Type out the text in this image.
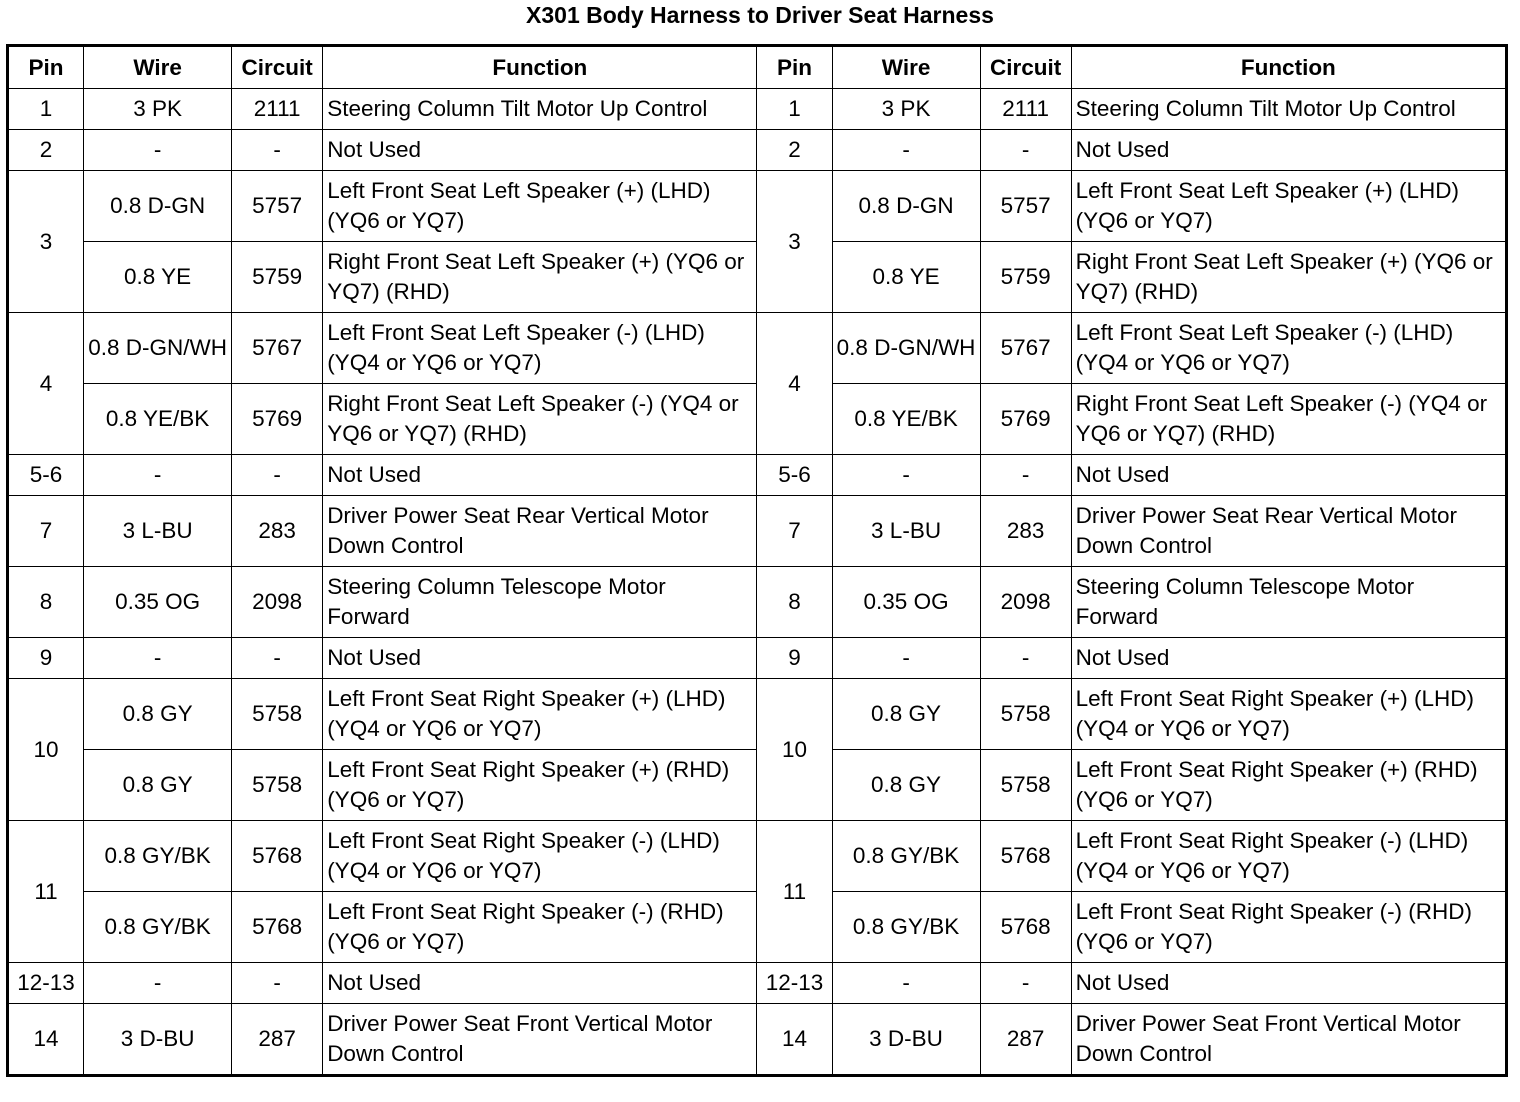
X301 Body Harness to Driver Seat Harness
Pin	Wire	Circuit	Function	Pin	Wire	Circuit	Function
1	3 PK	2111	Steering Column Tilt Motor Up Control	1	3 PK	2111	Steering Column Tilt Motor Up Control
2	-	-	Not Used	2	-	-	Not Used
3	0.8 D-GN	5757	Left Front Seat Left Speaker (+) (LHD) (YQ6 or YQ7)	3	0.8 D-GN	5757	Left Front Seat Left Speaker (+) (LHD) (YQ6 or YQ7)
	0.8 YE	5759	Right Front Seat Left Speaker (+) (YQ6 or YQ7) (RHD)		0.8 YE	5759	Right Front Seat Left Speaker (+) (YQ6 or YQ7) (RHD)
4	0.8 D-GN/WH	5767	Left Front Seat Left Speaker (-) (LHD) (YQ4 or YQ6 or YQ7)	4	0.8 D-GN/WH	5767	Left Front Seat Left Speaker (-) (LHD) (YQ4 or YQ6 or YQ7)
	0.8 YE/BK	5769	Right Front Seat Left Speaker (-) (YQ4 or YQ6 or YQ7) (RHD)		0.8 YE/BK	5769	Right Front Seat Left Speaker (-) (YQ4 or YQ6 or YQ7) (RHD)
5-6	-	-	Not Used	5-6	-	-	Not Used
7	3 L-BU	283	Driver Power Seat Rear Vertical Motor Down Control	7	3 L-BU	283	Driver Power Seat Rear Vertical Motor Down Control
8	0.35 OG	2098	Steering Column Telescope Motor Forward	8	0.35 OG	2098	Steering Column Telescope Motor Forward
9	-	-	Not Used	9	-	-	Not Used
10	0.8 GY	5758	Left Front Seat Right Speaker (+) (LHD) (YQ4 or YQ6 or YQ7)	10	0.8 GY	5758	Left Front Seat Right Speaker (+) (LHD) (YQ4 or YQ6 or YQ7)
	0.8 GY	5758	Left Front Seat Right Speaker (+) (RHD) (YQ6 or YQ7)		0.8 GY	5758	Left Front Seat Right Speaker (+) (RHD) (YQ6 or YQ7)
11	0.8 GY/BK	5768	Left Front Seat Right Speaker (-) (LHD) (YQ4 or YQ6 or YQ7)	11	0.8 GY/BK	5768	Left Front Seat Right Speaker (-) (LHD) (YQ4 or YQ6 or YQ7)
	0.8 GY/BK	5768	Left Front Seat Right Speaker (-) (RHD) (YQ6 or YQ7)		0.8 GY/BK	5768	Left Front Seat Right Speaker (-) (RHD) (YQ6 or YQ7)
12-13	-	-	Not Used	12-13	-	-	Not Used
14	3 D-BU	287	Driver Power Seat Front Vertical Motor Down Control	14	3 D-BU	287	Driver Power Seat Front Vertical Motor Down Control
